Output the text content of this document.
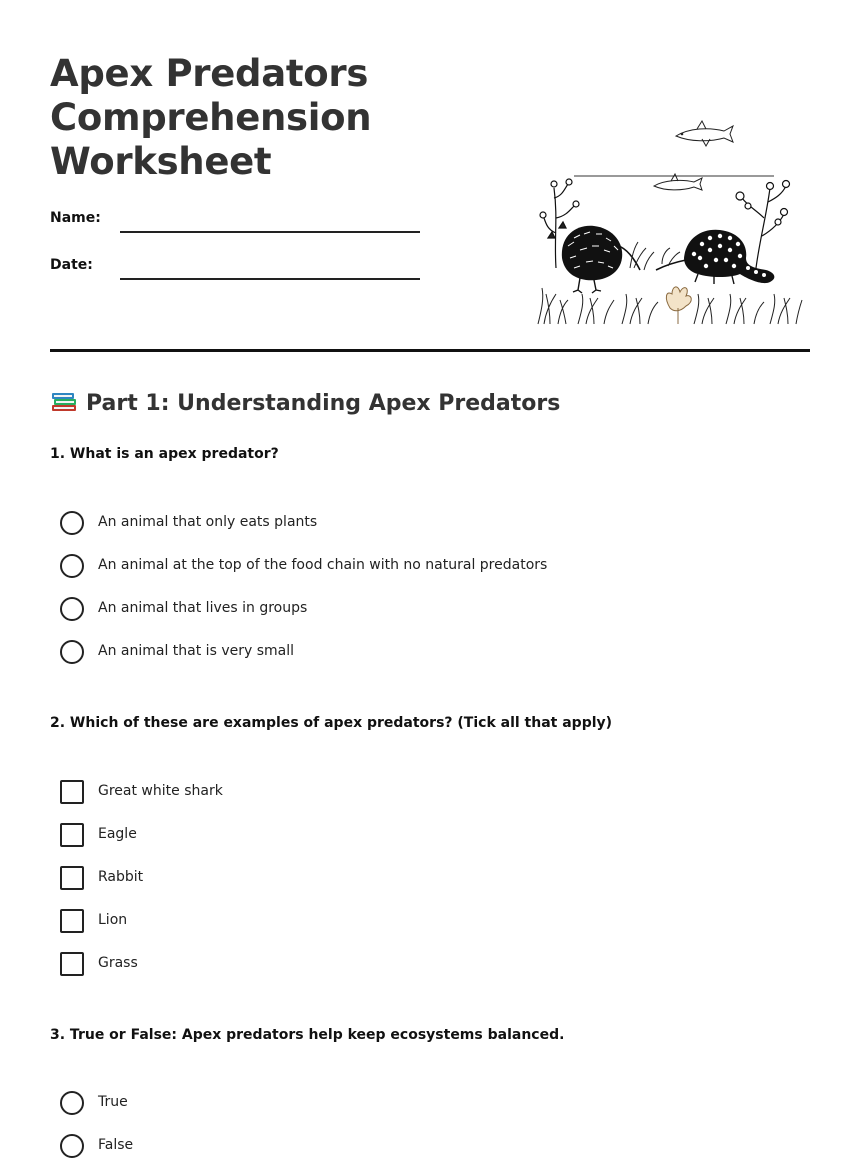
Apex Predators
Comprehension
Worksheet
Name:
Date:
Part 1: Understanding Apex Predators

1. What is an apex predator?

An animal that only eats plants
An animal at the top of the food chain with no natural predators
An animal that lives in groups
An animal that is very small

2. Which of these are examples of apex predators? (Tick all that apply)

Great white shark
Eagle
Rabbit
Lion
Grass

3. True or False: Apex predators help keep ecosystems balanced.

True
False
